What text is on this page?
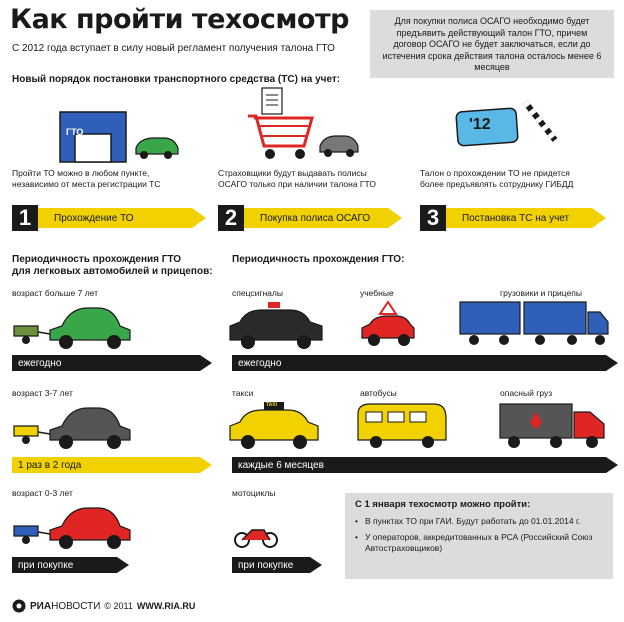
Как пройти техосмотр
С 2012 года вступает в силу новый регламент получения талона ГТО
Для покупки полиса ОСАГО необходимо будет предъявить действующий талон ГТО, причем договор ОСАГО не будет заключаться, если до истечения срока действия талона осталось менее 6 месяцев
Новый порядок постановки транспортного средства (ТС) на учет:
ГТО	'12
Пройти ТО можно в любом пункте,
независимо от места регистрации ТС
Страховщики будут выдавать полисы
ОСАГО только при наличии талона ГТО
Талон о прохождении ТО не придется
более предъявлять сотруднику ГИБДД
1	Прохождение ТО	2	Покупка полиса ОСАГО	3	Постановка ТС на учет
Периодичность прохождения ГТО
для легковых автомобилей и прицепов:
Периодичность прохождения ГТО:
возраст больше 7 лет	спецсигналы	учебные	грузовики и прицепы
ежегодно	ежегодно
возраст 3-7 лет	такси	автобусы	опасный груз
TAXI
1 раз в 2 года	каждые 6 месяцев
возраст 0-3 лет	мотоциклы
при покупке	при покупке
С 1 января техосмотр можно пройти:
• В пунктах ТО при ГАИ. Будут работать до 01.01.2014 г.
• У операторов, аккредитованных в РСА (Российский Союз Автостраховщиков)
РИАНОВОСТИ © 2011 WWW.RIA.RU
